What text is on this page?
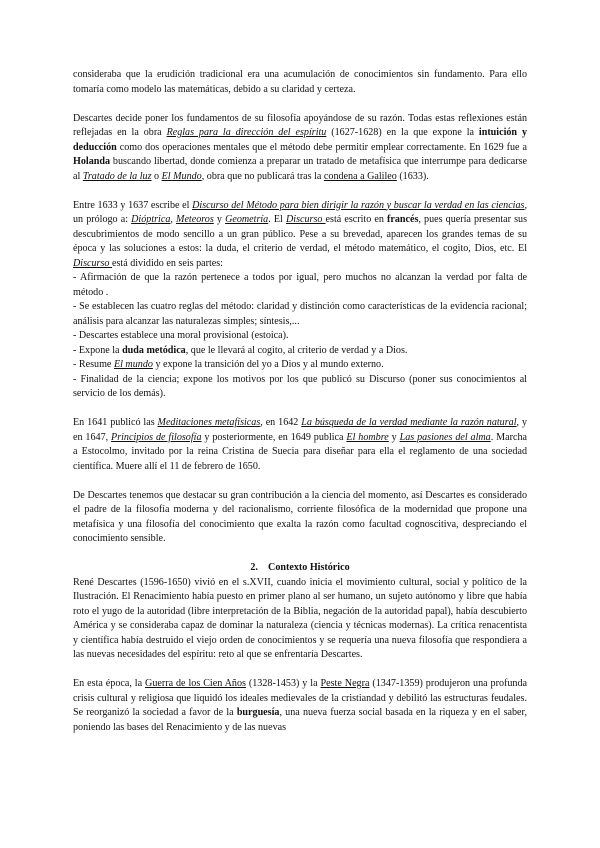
consideraba que la erudición tradicional era una acumulación de conocimientos sin fundamento. Para ello tomaría como modelo las matemáticas, debido a su claridad y certeza.

Descartes decide poner los fundamentos de su filosofía apoyándose de su razón. Todas estas reflexiones están reflejadas en la obra Reglas para la dirección del espíritu (1627-1628) en la que expone la intuición y deducción como dos operaciones mentales que el método debe permitir emplear correctamente. En 1629 fue a Holanda buscando libertad, donde comienza a preparar un tratado de metafísica que interrumpe para dedicarse al Tratado de la luz o El Mundo, obra que no publicará tras la condena a Galileo (1633).

Entre 1633 y 1637 escribe el Discurso del Método para bien dirigir la razón y buscar la verdad en las ciencias, un prólogo a: Dióptrica, Meteoros y Geometría. El Discurso está escrito en francés, pues quería presentar sus descubrimientos de modo sencillo a un gran público. Pese a su brevedad, aparecen los grandes temas de su época y las soluciones a estos: la duda, el criterio de verdad, el método matemático, el cogito, Dios, etc. El Discurso está dividido en seis partes:

- Afirmación de que la razón pertenece a todos por igual, pero muchos no alcanzan la verdad por falta de método .
- Se establecen las cuatro reglas del método: claridad y distinción como características de la evidencia racional; análisis para alcanzar las naturalezas simples; síntesis,...
- Descartes establece una moral provisional (estoica).
- Expone la duda metódica, que le llevará al cogito, al criterio de verdad y a Dios.
- Resume El mundo y expone la transición del yo a Dios y al mundo externo.
- Finalidad de la ciencia; expone los motivos por los que publicó su Discurso (poner sus conocimientos al servicio de los demás).

En 1641 publicó las Meditaciones metafísicas, en 1642 La búsqueda de la verdad mediante la razón natural, y en 1647, Principios de filosofía y posteriormente, en 1649 publica El hombre y Las pasiones del alma. Marcha a Estocolmo, invitado por la reina Cristina de Suecia para diseñar para ella el reglamento de una sociedad científica. Muere allí el 11 de febrero de 1650.

De Descartes tenemos que destacar su gran contribución a la ciencia del momento, así Descartes es considerado el padre de la filosofía moderna y del racionalismo, corriente filosófica de la modernidad que propone una metafísica y una filosofía del conocimiento que exalta la razón como facultad cognoscitiva, despreciando el conocimiento sensible.

2. Contexto Histórico

René Descartes (1596-1650) vivió en el s.XVII, cuando inicia el movimiento cultural, social y político de la Ilustración. El Renacimiento había puesto en primer plano al ser humano, un sujeto autónomo y libre que había roto el yugo de la autoridad (libre interpretación de la Biblia, negación de la autoridad papal), había descubierto América y se consideraba capaz de dominar la naturaleza (ciencia y técnicas modernas). La crítica renacentista y científica había destruido el viejo orden de conocimientos y se requería una nueva filosofía que respondiera a las nuevas necesidades del espíritu: reto al que se enfrentaría Descartes.

En esta época, la Guerra de los Cien Años (1328-1453) y la Peste Negra (1347-1359) produjeron una profunda crisis cultural y religiosa que liquidó los ideales medievales de la cristiandad y debilitó las estructuras feudales. Se reorganizó la sociedad a favor de la burguesía, una nueva fuerza social basada en la riqueza y en el saber, poniendo las bases del Renacimiento y de las nuevas
